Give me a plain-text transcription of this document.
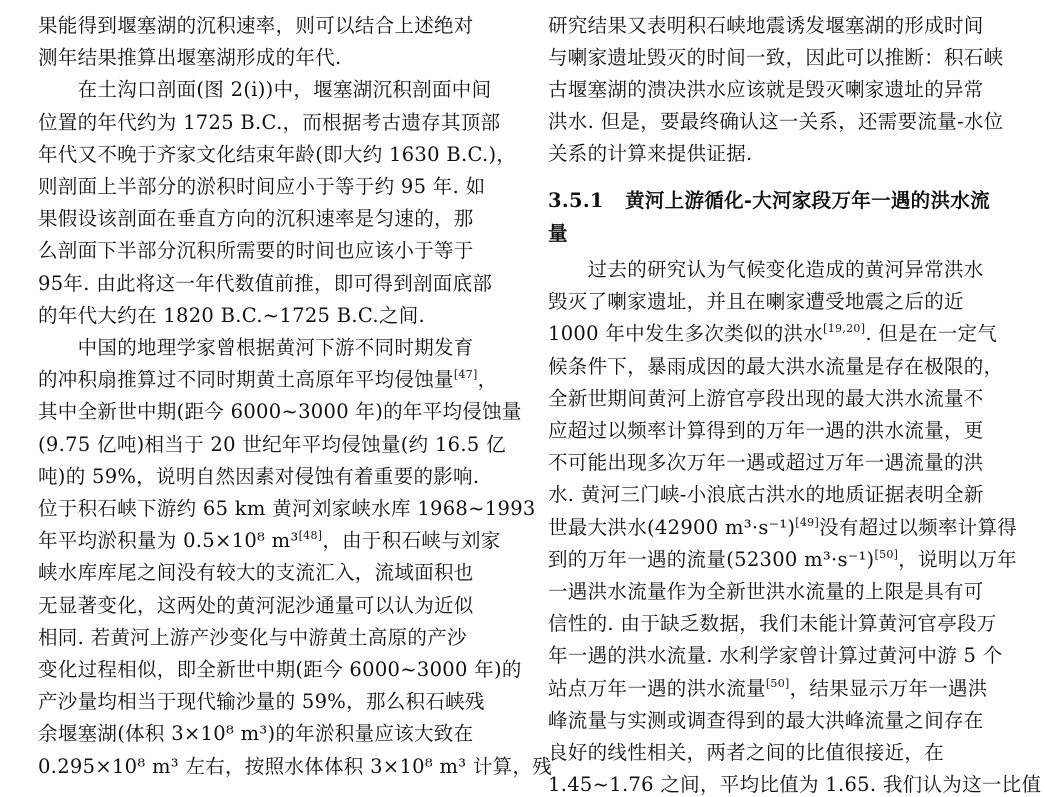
果能得到堰塞湖的沉积速率，则可以结合上述绝对
测年结果推算出堰塞湖形成的年代.
　　在土沟口剖面(图 2(i))中，堰塞湖沉积剖面中间
位置的年代约为 1725 B.C.，而根据考古遗存其顶部
年代又不晚于齐家文化结束年龄(即大约 1630 B.C.)，
则剖面上半部分的淤积时间应小于等于约 95 年. 如
果假设该剖面在垂直方向的沉积速率是匀速的，那
么剖面下半部分沉积所需要的时间也应该小于等于
95年. 由此将这一年代数值前推，即可得到剖面底部
的年代大约在 1820 B.C.~1725 B.C.之间.
　　中国的地理学家曾根据黄河下游不同时期发育
的冲积扇推算过不同时期黄土高原年平均侵蚀量[47]，
其中全新世中期(距今 6000~3000 年)的年平均侵蚀量
(9.75 亿吨)相当于 20 世纪年平均侵蚀量(约 16.5 亿
吨)的 59%，说明自然因素对侵蚀有着重要的影响.
位于积石峡下游约 65 km 黄河刘家峡水库 1968~1993
年平均淤积量为 0.5×10⁸ m³[48]，由于积石峡与刘家
峡水库库尾之间没有较大的支流汇入，流域面积也
无显著变化，这两处的黄河泥沙通量可以认为近似
相同. 若黄河上游产沙变化与中游黄土高原的产沙
变化过程相似，即全新世中期(距今 6000~3000 年)的
产沙量均相当于现代输沙量的 59%，那么积石峡残
余堰塞湖(体积 3×10⁸ m³)的年淤积量应该大致在
0.295×10⁸ m³ 左右，按照水体体积 3×10⁸ m³ 计算，残
研究结果又表明积石峡地震诱发堰塞湖的形成时间
与喇家遗址毁灭的时间一致，因此可以推断：积石峡
古堰塞湖的溃决洪水应该就是毁灭喇家遗址的异常
洪水. 但是，要最终确认这一关系，还需要流量-水位
关系的计算来提供证据.
3.5.1 黄河上游循化-大河家段万年一遇的洪水流
量
　　过去的研究认为气候变化造成的黄河异常洪水
毁灭了喇家遗址，并且在喇家遭受地震之后的近
1000 年中发生多次类似的洪水[19,20]. 但是在一定气
候条件下，暴雨成因的最大洪水流量是存在极限的，
全新世期间黄河上游官亭段出现的最大洪水流量不
应超过以频率计算得到的万年一遇的洪水流量，更
不可能出现多次万年一遇或超过万年一遇流量的洪
水. 黄河三门峡-小浪底古洪水的地质证据表明全新
世最大洪水(42900 m³·s⁻¹)[49]没有超过以频率计算得
到的万年一遇的流量(52300 m³·s⁻¹)[50]，说明以万年
一遇洪水流量作为全新世洪水流量的上限是具有可
信性的. 由于缺乏数据，我们未能计算黄河官亭段万
年一遇的洪水流量. 水利学家曾计算过黄河中游 5 个
站点万年一遇的洪水流量[50]，结果显示万年一遇洪
峰流量与实测或调查得到的最大洪峰流量之间存在
良好的线性相关，两者之间的比值很接近，在
1.45~1.76 之间，平均比值为 1.65. 我们认为这一比值
